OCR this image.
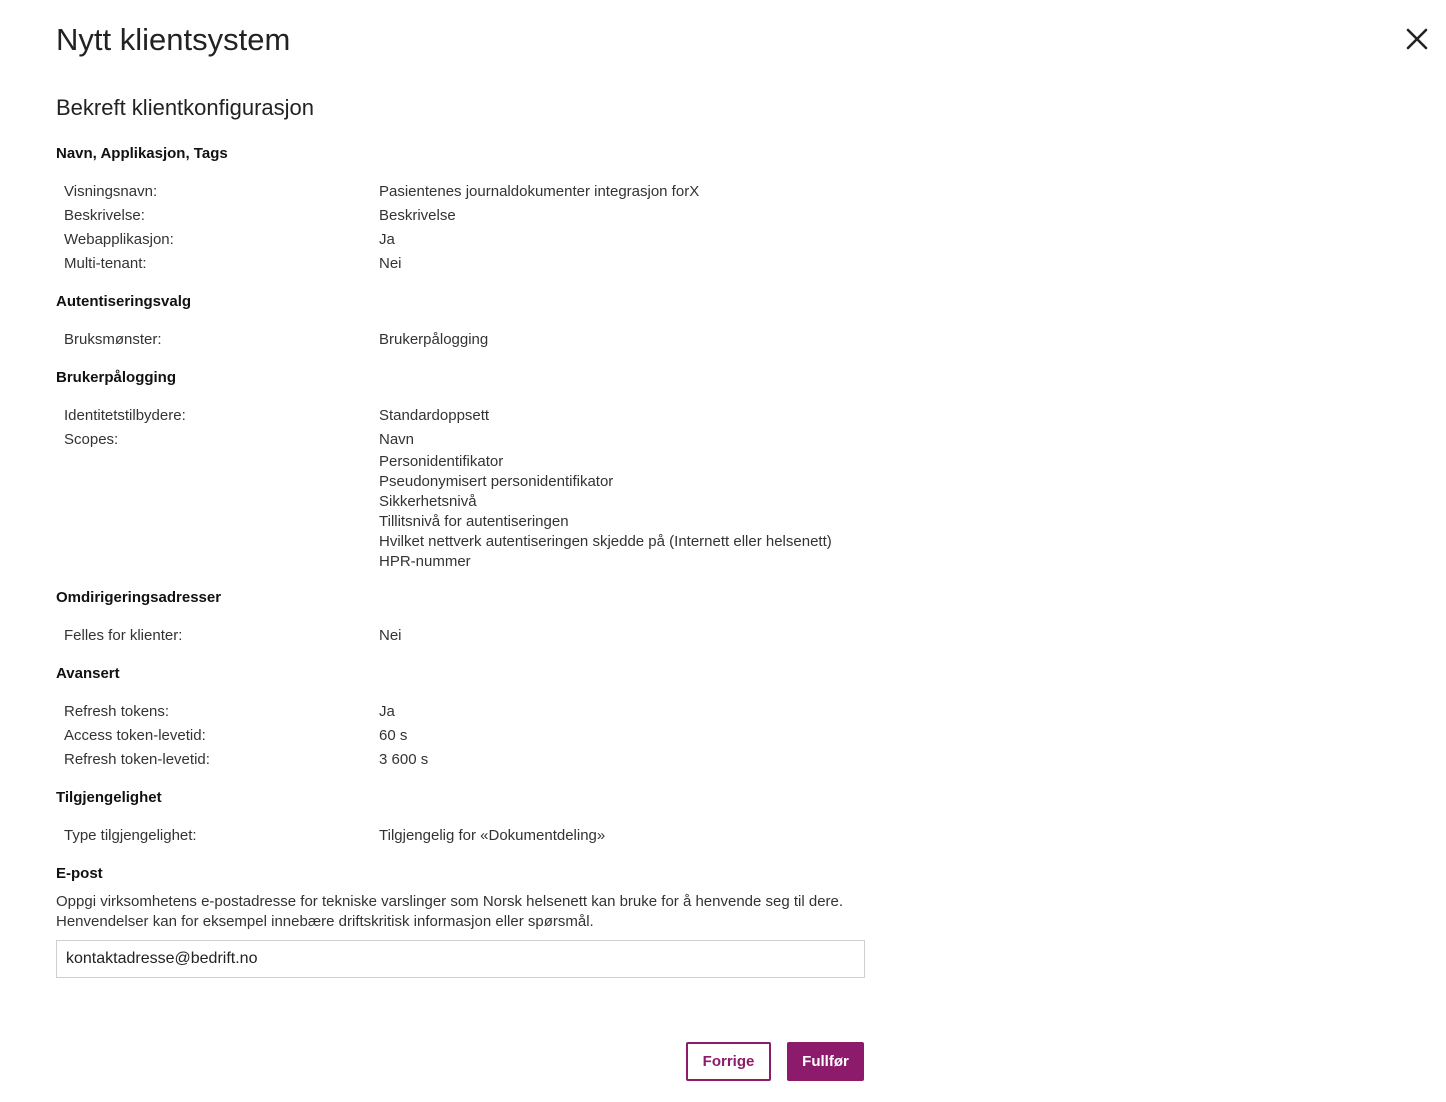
Nytt klientsystem
Bekreft klientkonfigurasjon
Navn, Applikasjon, Tags
Visningsnavn:	Pasientenes journaldokumenter integrasjon forX
Beskrivelse:	Beskrivelse
Webapplikasjon:	Ja
Multi-tenant:	Nei
Autentiseringsvalg
Bruksmønster:	Brukerpålogging
Brukerpålogging
Identitetstilbydere:	Standardoppsett
Scopes:	Navn
Personidentifikator
Pseudonymisert personidentifikator
Sikkerhetsnivå
Tillitsnivå for autentiseringen
Hvilket nettverk autentiseringen skjedde på (Internett eller helsenett)
HPR-nummer
Omdirigeringsadresser
Felles for klienter:	Nei
Avansert
Refresh tokens:	Ja
Access token-levetid:	60 s
Refresh token-levetid:	3 600 s
Tilgjengelighet
Type tilgjengelighet:	Tilgjengelig for «Dokumentdeling»
E-post
Oppgi virksomhetens e-postadresse for tekniske varslinger som Norsk helsenett kan bruke for å henvende seg til dere.
Henvendelser kan for eksempel innebære driftskritisk informasjon eller spørsmål.
kontaktadresse@bedrift.no
Forrige	Fullfør
